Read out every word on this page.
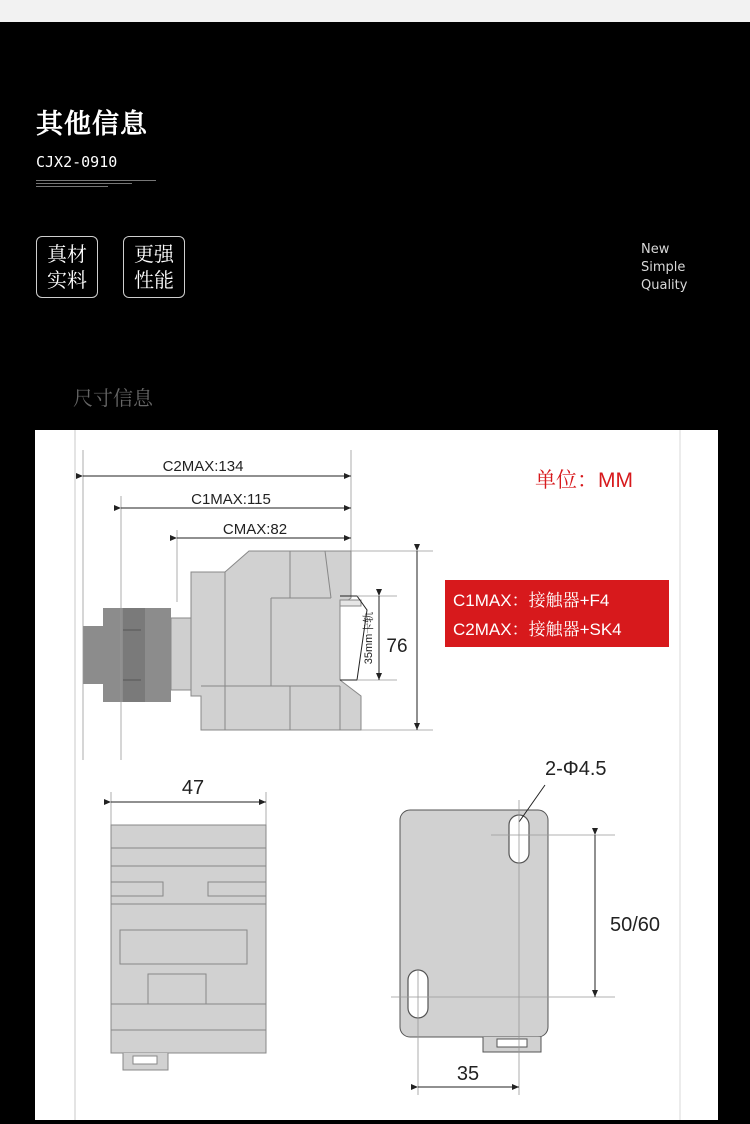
其他信息
CJX2-0910
真材
实料
更强
性能
New
Simple
Quality
尺寸信息
C2MAX:134
C1MAX:115
CMAX:82
76
35mm卡轨
单位：MM
C1MAX：接触器+F4
C2MAX：接触器+SK4
47
2-Φ4.5
50/60
35
